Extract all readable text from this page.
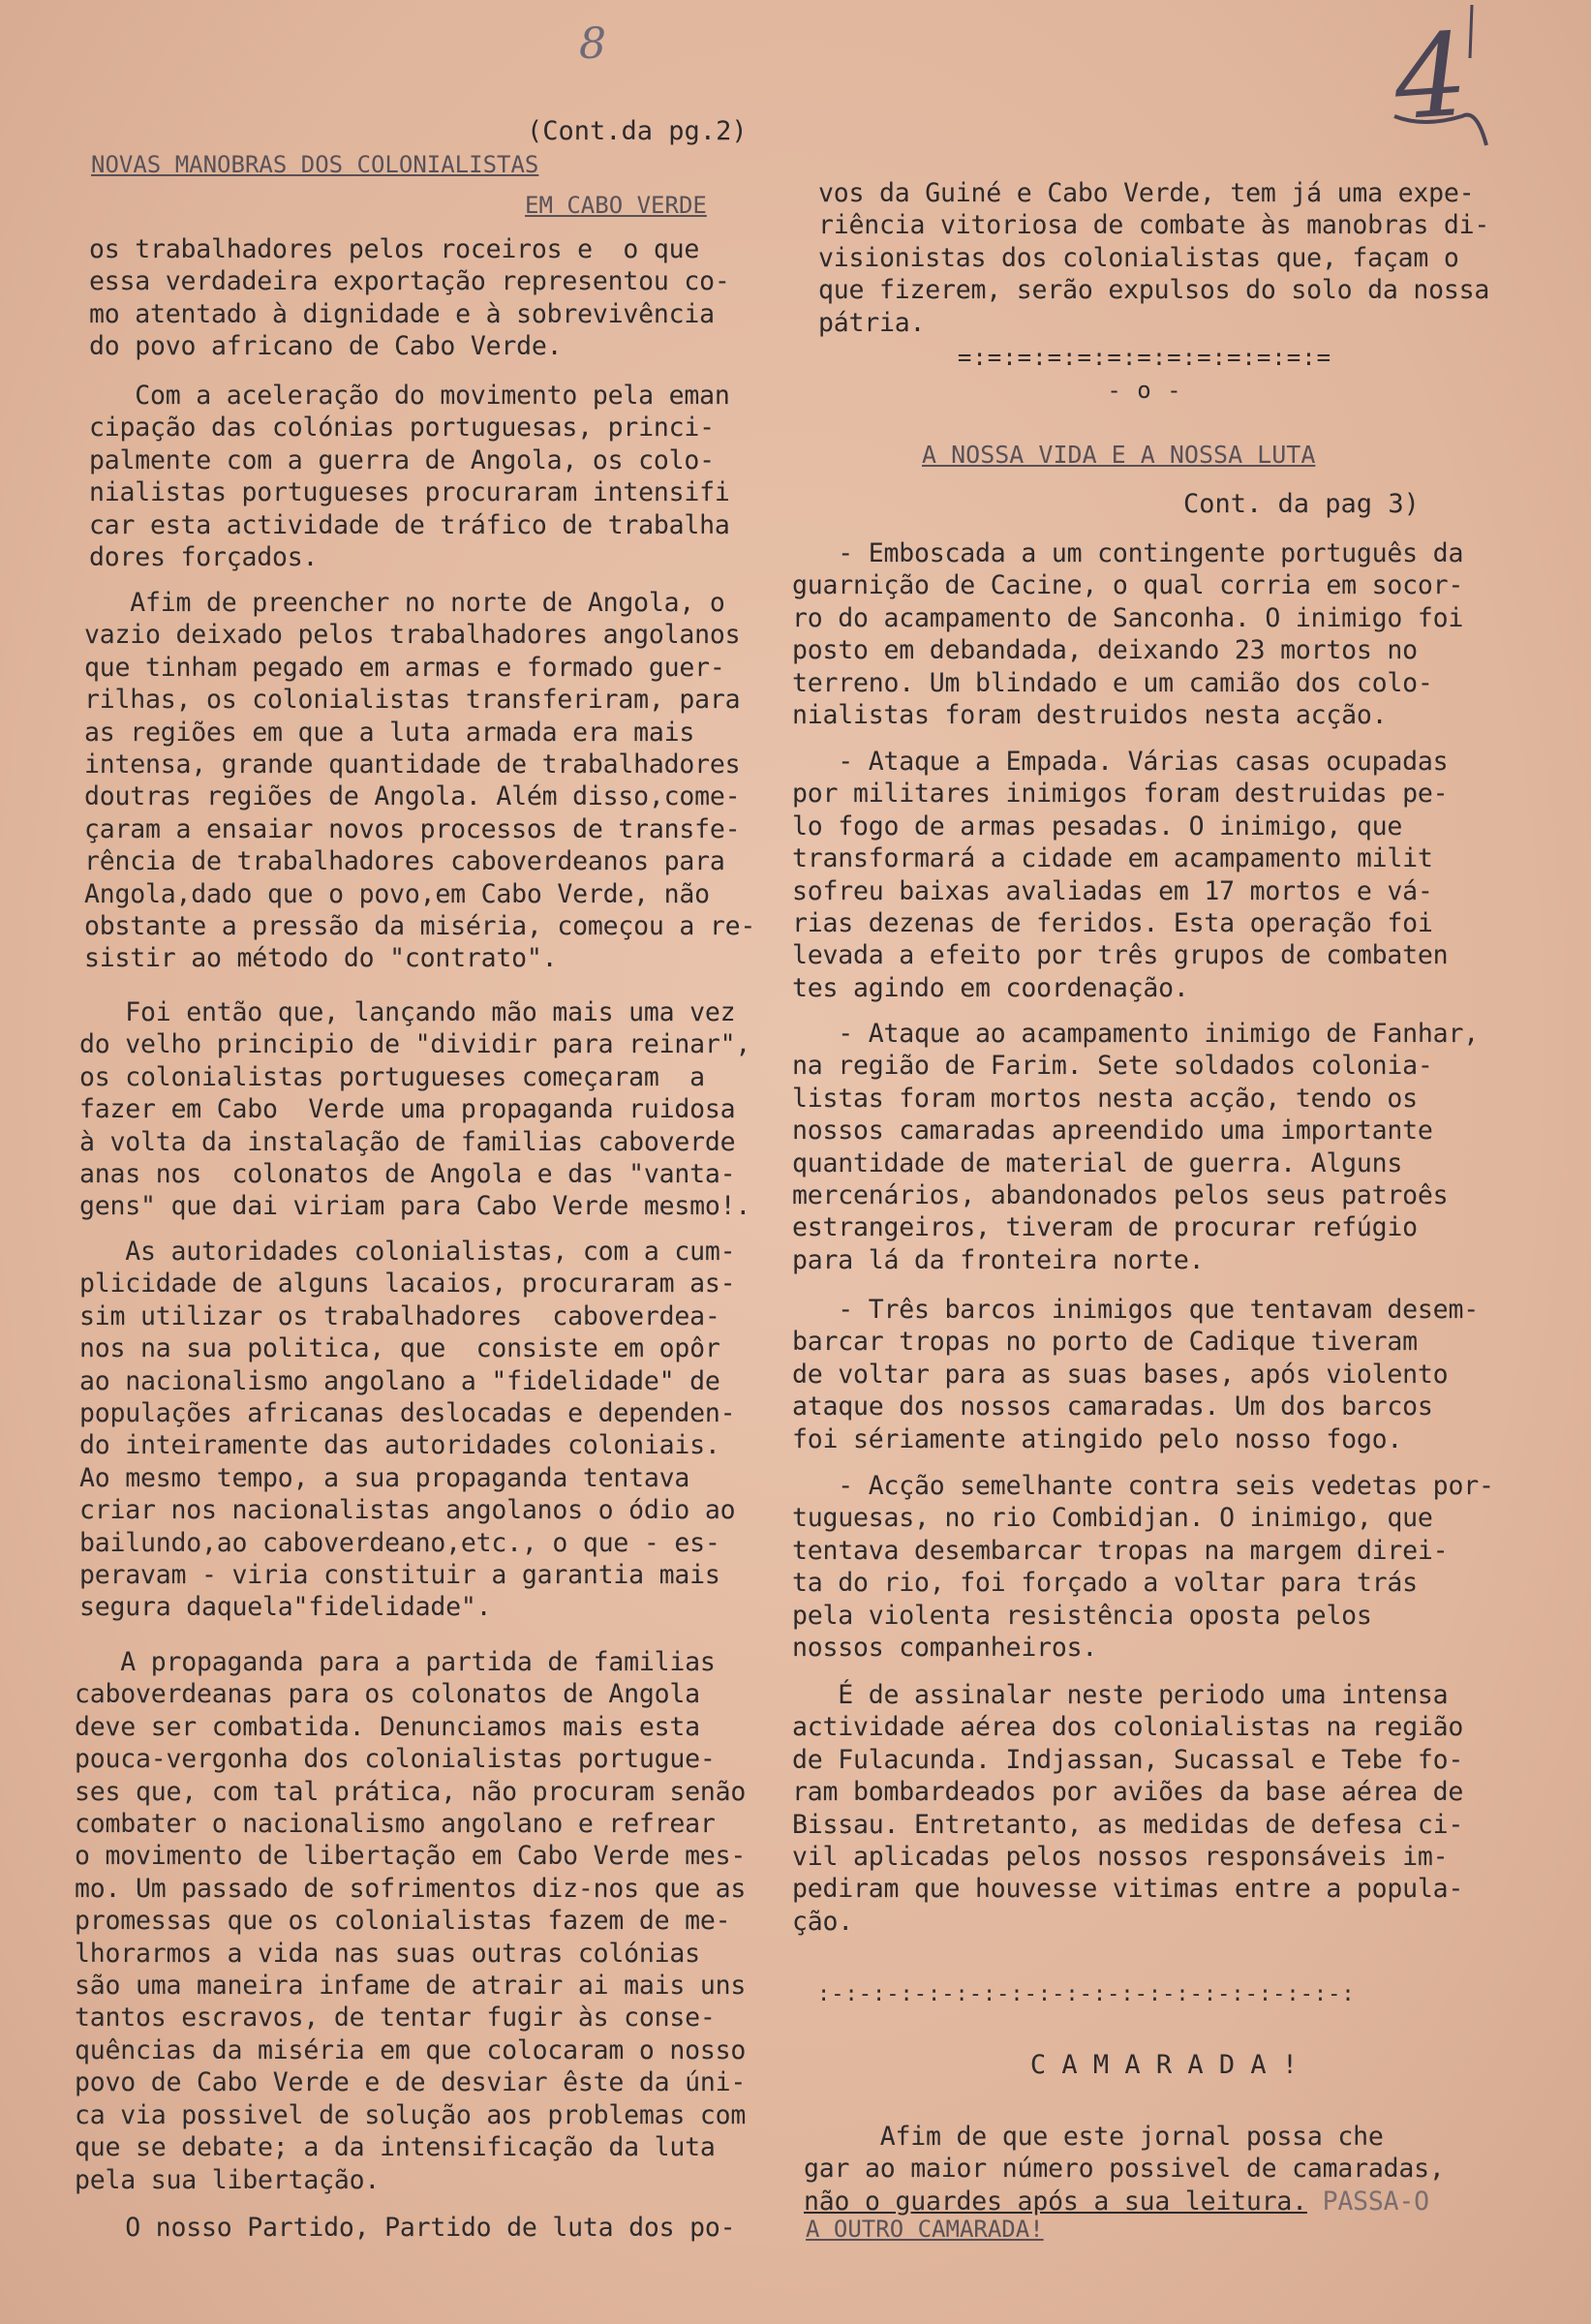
8	4
(Cont.da pg.2)
NOVAS MANOBRAS DOS COLONIALISTAS
EM CABO VERDE

os trabalhadores pelos roceiros e  o que
essa verdadeira exportação representou co-
mo atentado à dignidade e à sobrevivência
do povo africano de Cabo Verde.

Com a aceleração do movimento pela eman
cipação das colónias portuguesas, princi-
palmente com a guerra de Angola, os colo-
nialistas portugueses procuraram intensifi
car esta actividade de tráfico de trabalha
dores forçados.

Afim de preencher no norte de Angola, o
vazio deixado pelos trabalhadores angolanos
que tinham pegado em armas e formado guer-
rilhas, os colonialistas transferiram, para
as regiões em que a luta armada era mais
intensa, grande quantidade de trabalhadores
doutras regiões de Angola. Além disso,come-
çaram a ensaiar novos processos de transfe-
rência de trabalhadores caboverdeanos para
Angola,dado que o povo,em Cabo Verde, não
obstante a pressão da miséria, começou a re-
sistir ao método do "contrato".

Foi então que, lançando mão mais uma vez
do velho principio de "dividir para reinar",
os colonialistas portugueses começaram  a
fazer em Cabo  Verde uma propaganda ruidosa
à volta da instalação de familias caboverde
anas nos  colonatos de Angola e das "vanta-
gens" que dai viriam para Cabo Verde mesmo!.

As autoridades colonialistas, com a cum-
plicidade de alguns lacaios, procuraram as-
sim utilizar os trabalhadores  caboverdea-
nos na sua politica, que  consiste em opôr
ao nacionalismo angolano a "fidelidade" de
populações africanas deslocadas e dependen-
do inteiramente das autoridades coloniais.
Ao mesmo tempo, a sua propaganda tentava
criar nos nacionalistas angolanos o ódio ao
bailundo,ao caboverdeano,etc., o que - es-
peravam - viria constituir a garantia mais
segura daquela"fidelidade".

A propaganda para a partida de familias
caboverdeanas para os colonatos de Angola
deve ser combatida. Denunciamos mais esta
pouca-vergonha dos colonialistas portugue-
ses que, com tal prática, não procuram senão
combater o nacionalismo angolano e refrear
o movimento de libertação em Cabo Verde mes-
mo. Um passado de sofrimentos diz-nos que as
promessas que os colonialistas fazem de me-
lhorarmos a vida nas suas outras colónias
são uma maneira infame de atrair ai mais uns
tantos escravos, de tentar fugir às conse-
quências da miséria em que colocaram o nosso
povo de Cabo Verde e de desviar êste da úni-
ca via possivel de solução aos problemas com
que se debate; a da intensificação da luta
pela sua libertação.

O nosso Partido, Partido de luta dos po-

vos da Guiné e Cabo Verde, tem já uma expe-
riência vitoriosa de combate às manobras di-
visionistas dos colonialistas que, façam o
que fizerem, serão expulsos do solo da nossa
pátria.

=:=:=:=:=:=:=:=:=:=:=:=:=
- o -
A NOSSA VIDA E A NOSSA LUTA
Cont. da pag 3)

- Emboscada a um contingente português da
guarnição de Cacine, o qual corria em socor-
ro do acampamento de Sanconha. O inimigo foi
posto em debandada, deixando 23 mortos no
terreno. Um blindado e um camião dos colo-
nialistas foram destruidos nesta acção.

- Ataque a Empada. Várias casas ocupadas
por militares inimigos foram destruidas pe-
lo fogo de armas pesadas. O inimigo, que
transformará a cidade em acampamento milit
sofreu baixas avaliadas em 17 mortos e vá-
rias dezenas de feridos. Esta operação foi
levada a efeito por três grupos de combaten
tes agindo em coordenação.

- Ataque ao acampamento inimigo de Fanhar,
na região de Farim. Sete soldados colonia-
listas foram mortos nesta acção, tendo os
nossos camaradas apreendido uma importante
quantidade de material de guerra. Alguns
mercenários, abandonados pelos seus patroês
estrangeiros, tiveram de procurar refúgio
para lá da fronteira norte.

- Três barcos inimigos que tentavam desem-
barcar tropas no porto de Cadique tiveram
de voltar para as suas bases, após violento
ataque dos nossos camaradas. Um dos barcos
foi sériamente atingido pelo nosso fogo.

- Acção semelhante contra seis vedetas por-
tuguesas, no rio Combidjan. O inimigo, que
tentava desembarcar tropas na margem direi-
ta do rio, foi forçado a voltar para trás
pela violenta resistência oposta pelos
nossos companheiros.

É de assinalar neste periodo uma intensa
actividade aérea dos colonialistas na região
de Fulacunda. Indjassan, Sucassal e Tebe fo-
ram bombardeados por aviões da base aérea de
Bissau. Entretanto, as medidas de defesa ci-
vil aplicadas pelos nossos responsáveis im-
pediram que houvesse vitimas entre a popula-
ção.

:-:-:-:-:-:-:-:-:-:-:-:-:-:-:-:-:-:-:-:
C A M A R A D A !

Afim de que este jornal possa che
gar ao maior número possivel de camaradas,
não o guardes após a sua leitura. PASSA-O

A OUTRO CAMARADA!
